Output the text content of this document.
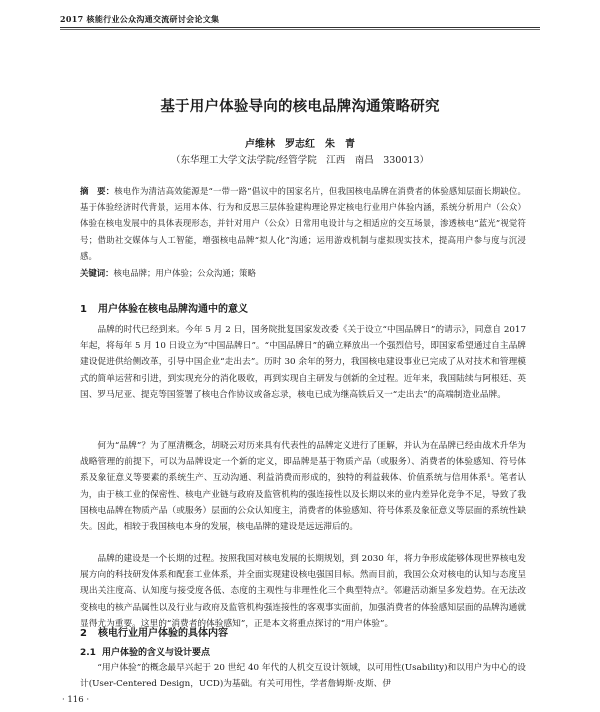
2017 核能行业公众沟通交流研讨会论文集
基于用户体验导向的核电品牌沟通策略研究
卢维林　罗志红　朱　青
（东华理工大学文法学院/经管学院　江西　南昌　330013）
摘　要：核电作为清洁高效能源是“一带一路”倡议中的国家名片，但我国核电品牌在消费者的体验感知层面长期缺位。基于体验经济时代背景，运用本体、行为和反思三层体验建构理论界定核电行业用户体验内涵，系统分析用户（公众）体验在核电发展中的具体表现形态，并针对用户（公众）日常用电设计与之相适应的交互场景，渗透核电“蓝光”视觉符号；借助社交媒体与人工智能，增强核电品牌“拟人化”沟通；运用游戏机制与虚拟现实技术，提高用户参与度与沉浸感。
关键词：核电品牌；用户体验；公众沟通；策略
1 用户体验在核电品牌沟通中的意义
品牌的时代已经到来。今年 5 月 2 日，国务院批复国家发改委《关于设立“中国品牌日”的请示》，同意自 2017 年起，将每年 5 月 10 日设立为“中国品牌日”。“中国品牌日”的确立释放出一个强烈信号，即国家希望通过自主品牌建设促进供给侧改革，引导中国企业“走出去”。历时 30 余年的努力，我国核电建设事业已完成了从对技术和管理模式的简单运营和引进，到实现充分的消化吸收，再到实现自主研发与创新的全过程。近年来，我国陆续与阿根廷、英国、罗马尼亚、提克等国签署了核电合作协议或备忘录，核电已成为继高铁后又一“走出去”的高端制造业品牌。
何为“品牌”？为了厘清概念，胡晓云对历来具有代表性的品牌定义进行了匪解，并认为在品牌已经由战术升华为战略管理的前提下，可以为品牌设定一个新的定义，即品牌是基于物质产品（或服务）、消费者的体验感知、符号体系及象征意义等要素的系统生产、互动沟通、利益消费而形成的，独特的利益载体、价值系统与信用体系¹。笔者认为，由于核工业的保密性、核电产业链与政府及监管机构的强连接性以及长期以来的业内差异化竞争不足，导致了我国核电品牌在物质产品（或服务）层面的公众认知度主，消费者的体验感知、符号体系及象征意义等层面的系统性缺失。因此，相较于我国核电本身的发展，核电品牌的建设是远远滞后的。
品牌的建设是一个长期的过程。按照我国对核电发展的长期规划，到 2030 年，将力争形成能够体现世界核电发展方向的科技研发体系和配套工业体系，并全面实现建设核电强国目标。然而目前，我国公众对核电的认知与态度呈现出关注度高、认知度与接受度各低、态度的主观性与非理性化三个典型特点²。邻避活动渐呈多发趋势。在无法改变核电的核产品属性以及行业与政府及监管机构强连接性的客观事实面前，加强消费者的体验感知层面的品牌沟通就显得尤为重要。这里的“消费者的体验感知”，正是本文将重点探讨的“用户体验”。
2 核电行业用户体验的具体内容
2.1 用户体验的含义与设计要点
“用户体验”的概念最早兴起于 20 世纪 40 年代的人机交互设计领域，以可用性(Usability)和以用户为中心的设计(User-Centered Design，UCD)为基础。有关可用性，学者詹姆斯·皮斯、伊
· 116 ·
